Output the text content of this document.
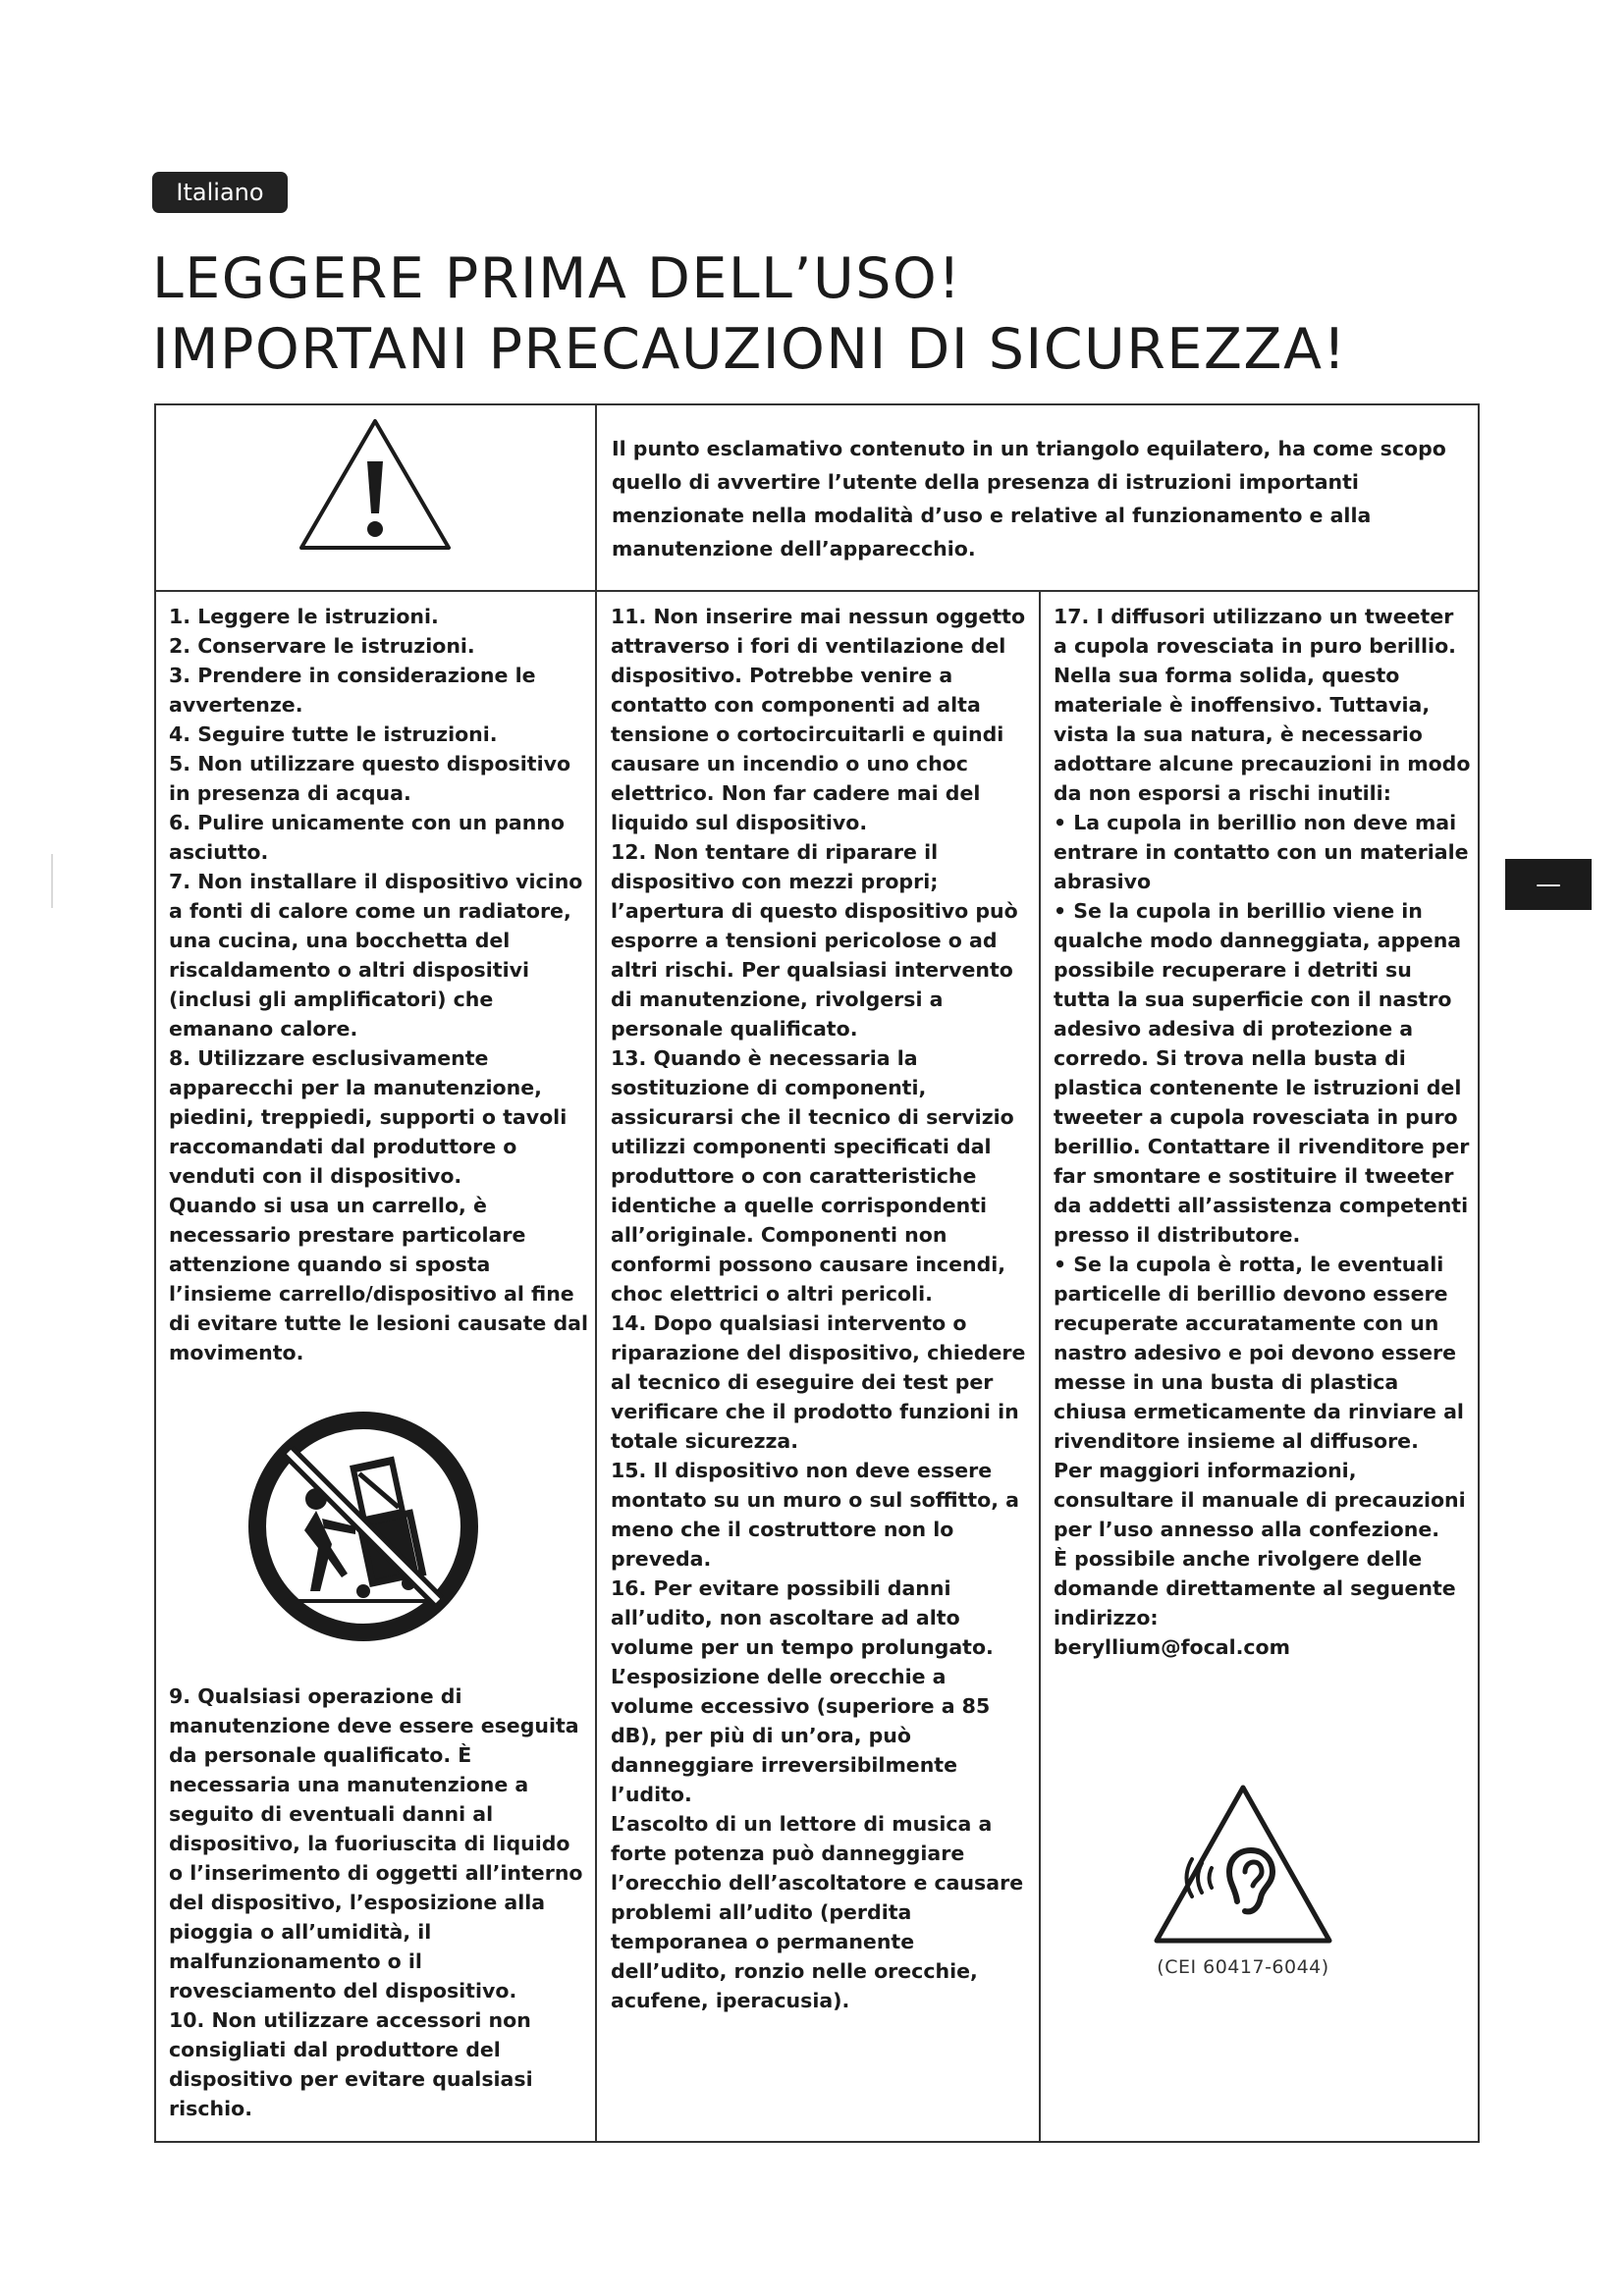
Italiano
LEGGERE PRIMA DELL’USO!
IMPORTANI PRECAUZIONI DI SICUREZZA!

Il punto esclamativo contenuto in un triangolo equilatero, ha come scopo quello di avvertire l’utente della presenza di istruzioni importanti menzionate nella modalità d’uso e relative al funzionamento e alla manutenzione dell’apparecchio.

1. Leggere le istruzioni.

2. Conservare le istruzioni.

3. Prendere in considerazione le avvertenze.

4. Seguire tutte le istruzioni.

5. Non utilizzare questo dispositivo in presenza di acqua.

6. Pulire unicamente con un panno asciutto.

7. Non installare il dispositivo vicino a fonti di calore come un radiatore, una cucina, una bocchetta del riscaldamento o altri dispositivi (inclusi gli amplificatori) che emanano calore.

8. Utilizzare esclusivamente apparecchi per la manutenzione, piedini, treppiedi, supporti o tavoli raccomandati dal produttore o venduti con il dispositivo.

Quando si usa un carrello, è necessario prestare particolare attenzione quando si sposta l’insieme carrello/dispositivo al fine di evitare tutte le lesioni causate dal movimento.

9. Qualsiasi operazione di manutenzione deve essere eseguita da personale qualificato. È necessaria una manutenzione a seguito di eventuali danni al dispositivo, la fuoriuscita di liquido o l’inserimento di oggetti all’interno del dispositivo, l’esposizione alla pioggia o all’umidità, il malfunzionamento o il rovesciamento del dispositivo.

10. Non utilizzare accessori non consigliati dal produttore del dispositivo per evitare qualsiasi rischio.

11. Non inserire mai nessun oggetto attraverso i fori di ventilazione del dispositivo. Potrebbe venire a contatto con componenti ad alta tensione o cortocircuitarli e quindi causare un incendio o uno choc elettrico. Non far cadere mai del liquido sul dispositivo.

12. Non tentare di riparare il dispositivo con mezzi propri; l’apertura di questo dispositivo può esporre a tensioni pericolose o ad altri rischi. Per qualsiasi intervento di manutenzione, rivolgersi a personale qualificato.

13. Quando è necessaria la sostituzione di componenti, assicurarsi che il tecnico di servizio utilizzi componenti specificati dal produttore o con caratteristiche identiche a quelle corrispondenti all’originale. Componenti non conformi possono causare incendi, choc elettrici o altri pericoli.

14. Dopo qualsiasi intervento o riparazione del dispositivo, chiedere al tecnico di eseguire dei test per verificare che il prodotto funzioni in totale sicurezza.

15. Il dispositivo non deve essere montato su un muro o sul soffitto, a meno che il costruttore non lo preveda.

16. Per evitare possibili danni all’udito, non ascoltare ad alto volume per un tempo prolungato.

L’esposizione delle orecchie a volume eccessivo (superiore a 85 dB), per più di un’ora, può danneggiare irreversibilmente l’udito.

L’ascolto di un lettore di musica a forte potenza può danneggiare l’orecchio dell’ascoltatore e causare problemi all’udito (perdita temporanea o permanente dell’udito, ronzio nelle orecchie, acufene, iperacusia).

17. I diffusori utilizzano un tweeter a cupola rovesciata in puro berillio. Nella sua forma solida, questo materiale è inoffensivo. Tuttavia, vista la sua natura, è necessario adottare alcune precauzioni in modo da non esporsi a rischi inutili:

• La cupola in berillio non deve mai entrare in contatto con un materiale abrasivo

• Se la cupola in berillio viene in qualche modo danneggiata, appena possibile recuperare i detriti su tutta la sua superficie con il nastro adesivo adesiva di protezione a corredo. Si trova nella busta di plastica contenente le istruzioni del tweeter a cupola rovesciata in puro berillio. Contattare il rivenditore per far smontare e sostituire il tweeter da addetti all’assistenza competenti presso il distributore.

• Se la cupola è rotta, le eventuali particelle di berillio devono essere recuperate accuratamente con un nastro adesivo e poi devono essere messe in una busta di plastica chiusa ermeticamente da rinviare al rivenditore insieme al diffusore.

Per maggiori informazioni, consultare il manuale di precauzioni per l’uso annesso alla confezione.

È possibile anche rivolgere delle domande direttamente al seguente indirizzo:

beryllium@focal.com

(CEI 60417-6044)
—
